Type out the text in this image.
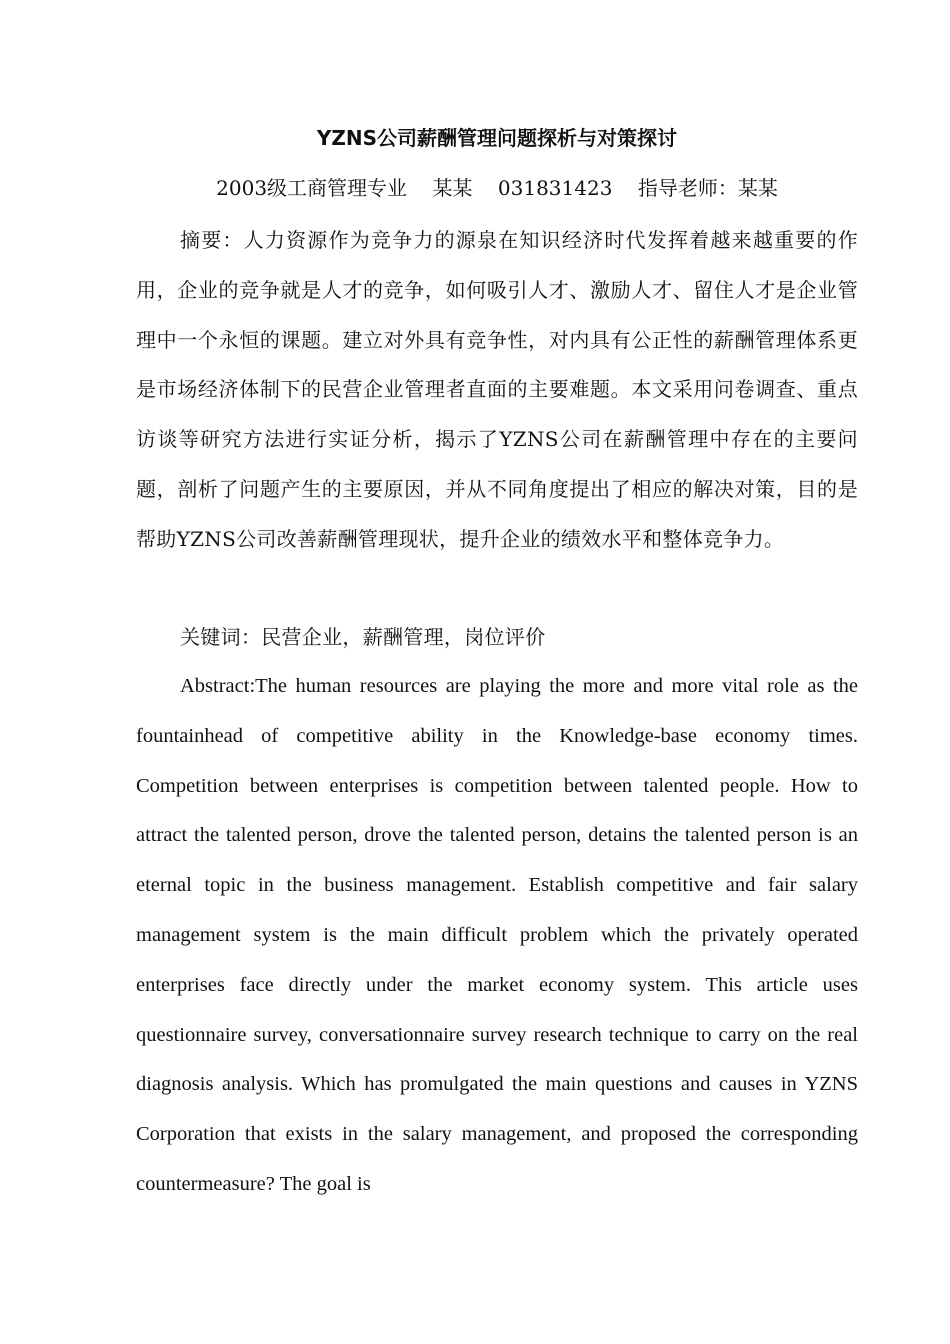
YZNS公司薪酬管理问题探析与对策探讨
2003级工商管理专业    某某    031831423    指导老师：某某
摘要：人力资源作为竞争力的源泉在知识经济时代发挥着越来越重要的作用，企业的竞争就是人才的竞争，如何吸引人才、激励人才、留住人才是企业管理中一个永恒的课题。建立对外具有竞争性，对内具有公正性的薪酬管理体系更是市场经济体制下的民营企业管理者直面的主要难题。本文采用问卷调查、重点访谈等研究方法进行实证分析，揭示了YZNS公司在薪酬管理中存在的主要问题，剖析了问题产生的主要原因，并从不同角度提出了相应的解决对策，目的是帮助YZNS公司改善薪酬管理现状，提升企业的绩效水平和整体竞争力。
关键词：民营企业，薪酬管理，岗位评价
Abstract:The human resources are playing the more and more vital role as the fountainhead of competitive ability in the Knowledge-base economy times. Competition between enterprises is competition between talented people. How to attract the talented person, drove the talented person, detains the talented person is an eternal topic in the business management. Establish competitive and fair salary management system is the main difficult problem which the privately operated enterprises face directly under the market economy system. This article uses questionnaire survey, conversationnaire survey research technique to carry on the real diagnosis analysis. Which has promulgated the main questions and causes in YZNS Corporation that exists in the salary management, and proposed the corresponding countermeasure? The goal is
